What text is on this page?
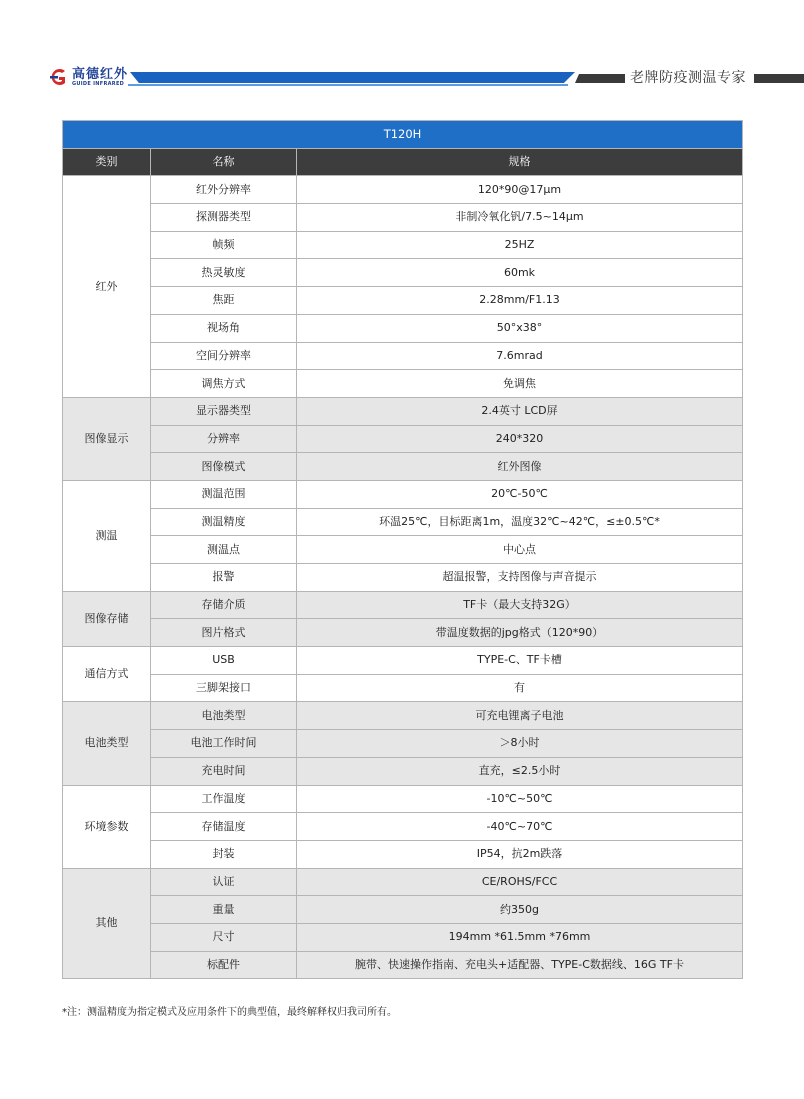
高德红外
GUIDE INFRARED	老牌防疫测温专家
T120H		
类别	名称	规格
红外	红外分辨率	120*90@17μm
	探测器类型	非制冷氧化钒/7.5~14μm
	帧频	25HZ
	热灵敏度	60mk
	焦距	2.28mm/F1.13
	视场角	50°x38°
	空间分辨率	7.6mrad
	调焦方式	免调焦
图像显示	显示器类型	2.4英寸 LCD屏
	分辨率	240*320
	图像模式	红外图像
测温	测温范围	20℃-50℃
	测温精度	环温25℃，目标距离1m，温度32℃~42℃，≤±0.5℃*
	测温点	中心点
	报警	超温报警，支持图像与声音提示
图像存储	存储介质	TF卡（最大支持32G）
	图片格式	带温度数据的jpg格式（120*90）
通信方式	USB	TYPE-C、TF卡槽
	三脚架接口	有
电池类型	电池类型	可充电锂离子电池
	电池工作时间	＞8小时
	充电时间	直充，≤2.5小时
环境参数	工作温度	-10℃~50℃
	存储温度	-40℃~70℃
	封装	IP54，抗2m跌落
其他	认证	CE/ROHS/FCC
	重量	约350g
	尺寸	194mm *61.5mm *76mm
	标配件	腕带、快速操作指南、充电头+适配器、TYPE-C数据线、16G TF卡
*注：测温精度为指定模式及应用条件下的典型值，最终解释权归我司所有。
